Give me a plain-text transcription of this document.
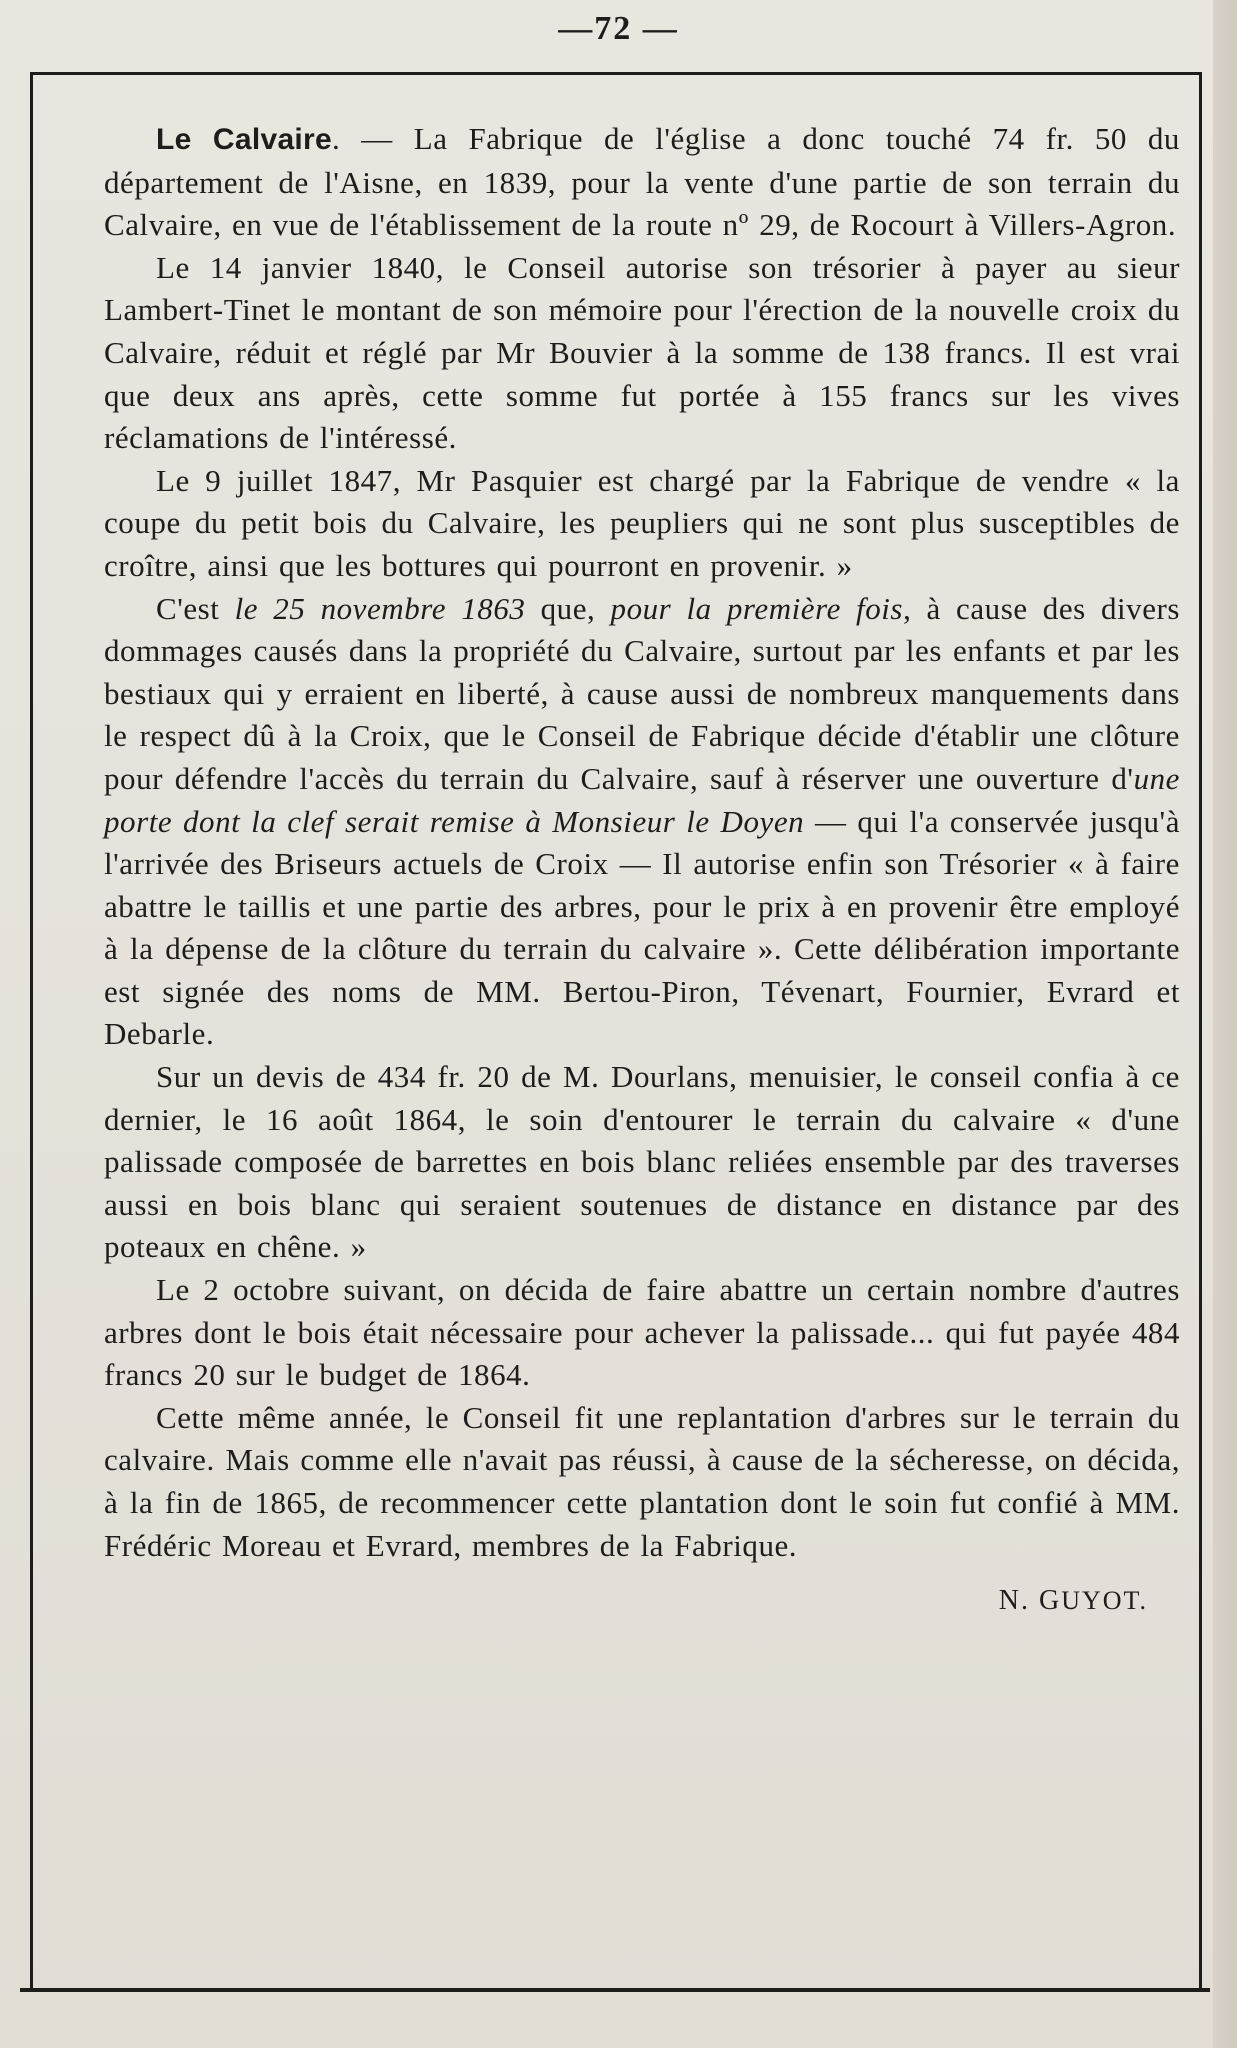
—72 —

Le Calvaire. — La Fabrique de l'église a donc touché 74 fr. 50 du département de l'Aisne, en 1839, pour la vente d'une partie de son terrain du Calvaire, en vue de l'établissement de la route nº 29, de Rocourt à Villers-Agron.

Le 14 janvier 1840, le Conseil autorise son trésorier à payer au sieur Lambert-Tinet le montant de son mémoire pour l'érection de la nouvelle croix du Calvaire, réduit et réglé par Mr Bouvier à la somme de 138 francs. Il est vrai que deux ans après, cette somme fut portée à 155 francs sur les vives réclamations de l'intéressé.

Le 9 juillet 1847, Mr Pasquier est chargé par la Fabrique de vendre « la coupe du petit bois du Calvaire, les peupliers qui ne sont plus susceptibles de croître, ainsi que les bottures qui pourront en provenir. »

C'est le 25 novembre 1863 que, pour la première fois, à cause des divers dommages causés dans la propriété du Calvaire, surtout par les enfants et par les bestiaux qui y erraient en liberté, à cause aussi de nombreux manquements dans le respect dû à la Croix, que le Conseil de Fabrique décide d'établir une clôture pour défendre l'accès du terrain du Calvaire, sauf à réserver une ouverture d'une porte dont la clef serait remise à Monsieur le Doyen — qui l'a conservée jusqu'à l'arrivée des Briseurs actuels de Croix — Il autorise enfin son Trésorier « à faire abattre le taillis et une partie des arbres, pour le prix à en provenir être employé à la dépense de la clôture du terrain du calvaire ». Cette délibération importante est signée des noms de MM. Bertou-Piron, Tévenart, Fournier, Evrard et Debarle.

Sur un devis de 434 fr. 20 de M. Dourlans, menuisier, le conseil confia à ce dernier, le 16 août 1864, le soin d'entourer le terrain du calvaire « d'une palissade composée de barrettes en bois blanc reliées ensemble par des traverses aussi en bois blanc qui seraient soutenues de distance en distance par des poteaux en chêne. »

Le 2 octobre suivant, on décida de faire abattre un certain nombre d'autres arbres dont le bois était nécessaire pour achever la palissade... qui fut payée 484 francs 20 sur le budget de 1864.

Cette même année, le Conseil fit une replantation d'arbres sur le terrain du calvaire. Mais comme elle n'avait pas réussi, à cause de la sécheresse, on décida, à la fin de 1865, de recommencer cette plantation dont le soin fut confié à MM. Frédéric Moreau et Evrard, membres de la Fabrique.

N. GUYOT.
